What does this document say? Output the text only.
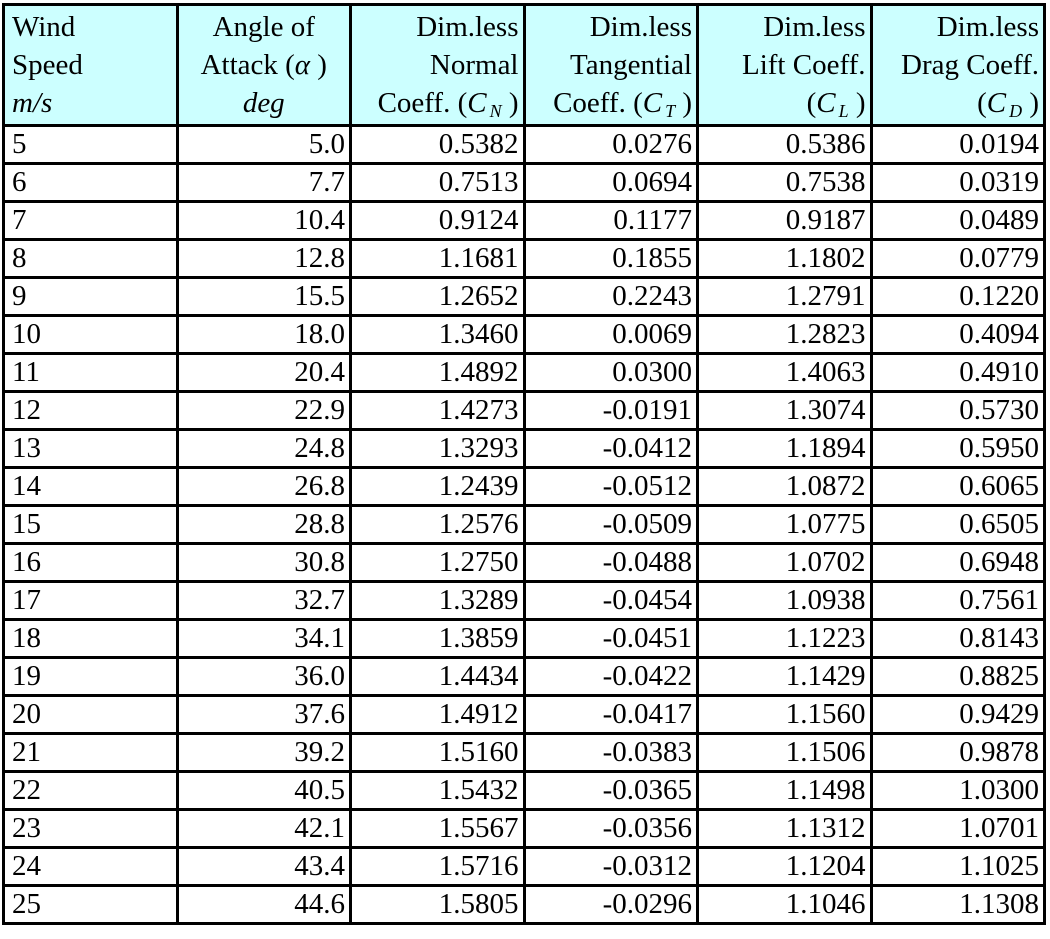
Wind
Speed
m/s

Angle of
Attack (α )
deg

Dim.less
Normal
Coeff. (C $_N$ )

Dim.less
Tangential
Coeff. (C $_T$ )

Dim.less
Lift Coeff.
(C $_L$ )

Dim.less
Drag Coeff.
(C $_D$ )

5	5.0	0.5382	0.0276	0.5386	0.0194
6	7.7	0.7513	0.0694	0.7538	0.0319
7	10.4	0.9124	0.1177	0.9187	0.0489
8	12.8	1.1681	0.1855	1.1802	0.0779
9	15.5	1.2652	0.2243	1.2791	0.1220
10	18.0	1.3460	0.0069	1.2823	0.4094
11	20.4	1.4892	0.0300	1.4063	0.4910
12	22.9	1.4273	-0.0191	1.3074	0.5730
13	24.8	1.3293	-0.0412	1.1894	0.5950
14	26.8	1.2439	-0.0512	1.0872	0.6065
15	28.8	1.2576	-0.0509	1.0775	0.6505
16	30.8	1.2750	-0.0488	1.0702	0.6948
17	32.7	1.3289	-0.0454	1.0938	0.7561
18	34.1	1.3859	-0.0451	1.1223	0.8143
19	36.0	1.4434	-0.0422	1.1429	0.8825
20	37.6	1.4912	-0.0417	1.1560	0.9429
21	39.2	1.5160	-0.0383	1.1506	0.9878
22	40.5	1.5432	-0.0365	1.1498	1.0300
23	42.1	1.5567	-0.0356	1.1312	1.0701
24	43.4	1.5716	-0.0312	1.1204	1.1025
25	44.6	1.5805	-0.0296	1.1046	1.1308
